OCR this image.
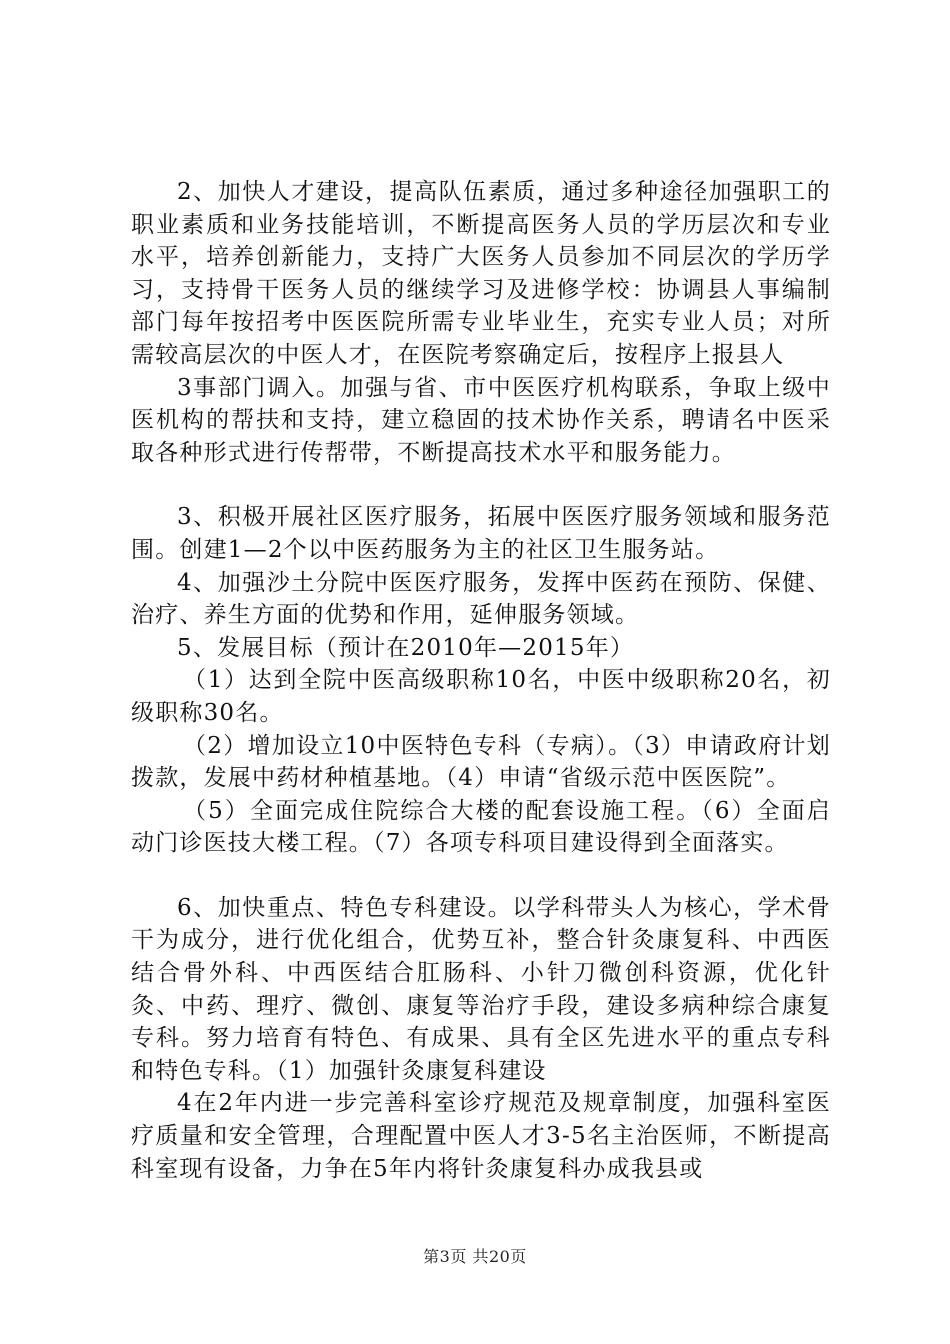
2、加快人才建设，提高队伍素质，通过多种途径加强职工的职业素质和业务技能培训，不断提高医务人员的学历层次和专业水平，培养创新能力，支持广大医务人员参加不同层次的学历学习，支持骨干医务人员的继续学习及进修学校：协调县人事编制部门每年按招考中医医院所需专业毕业生，充实专业人员；对所需较高层次的中医人才，在医院考察确定后，按程序上报县人

3事部门调入。加强与省、市中医医疗机构联系，争取上级中医机构的帮扶和支持，建立稳固的技术协作关系，聘请名中医采取各种形式进行传帮带，不断提高技术水平和服务能力。

3、积极开展社区医疗服务，拓展中医医疗服务领域和服务范围。创建1—2个以中医药服务为主的社区卫生服务站。

4、加强沙土分院中医医疗服务，发挥中医药在预防、保健、治疗、养生方面的优势和作用，延伸服务领域。

5、发展目标（预计在2010年—2015年）

（1）达到全院中医高级职称10名，中医中级职称20名，初级职称30名。

（2）增加设立10中医特色专科（专病）。（3）申请政府计划拨款，发展中药材种植基地。（4）申请“省级示范中医医院”。

（5）全面完成住院综合大楼的配套设施工程。（6）全面启动门诊医技大楼工程。（7）各项专科项目建设得到全面落实。

6、加快重点、特色专科建设。以学科带头人为核心，学术骨干为成分，进行优化组合，优势互补，整合针灸康复科、中西医结合骨外科、中西医结合肛肠科、小针刀微创科资源，优化针灸、中药、理疗、微创、康复等治疗手段，建设多病种综合康复专科。努力培育有特色、有成果、具有全区先进水平的重点专科和特色专科。（1）加强针灸康复科建设

4在2年内进一步完善科室诊疗规范及规章制度，加强科室医疗质量和安全管理，合理配置中医人才3-5名主治医师，不断提高科室现有设备，力争在5年内将针灸康复科办成我县或

第3页 共20页
